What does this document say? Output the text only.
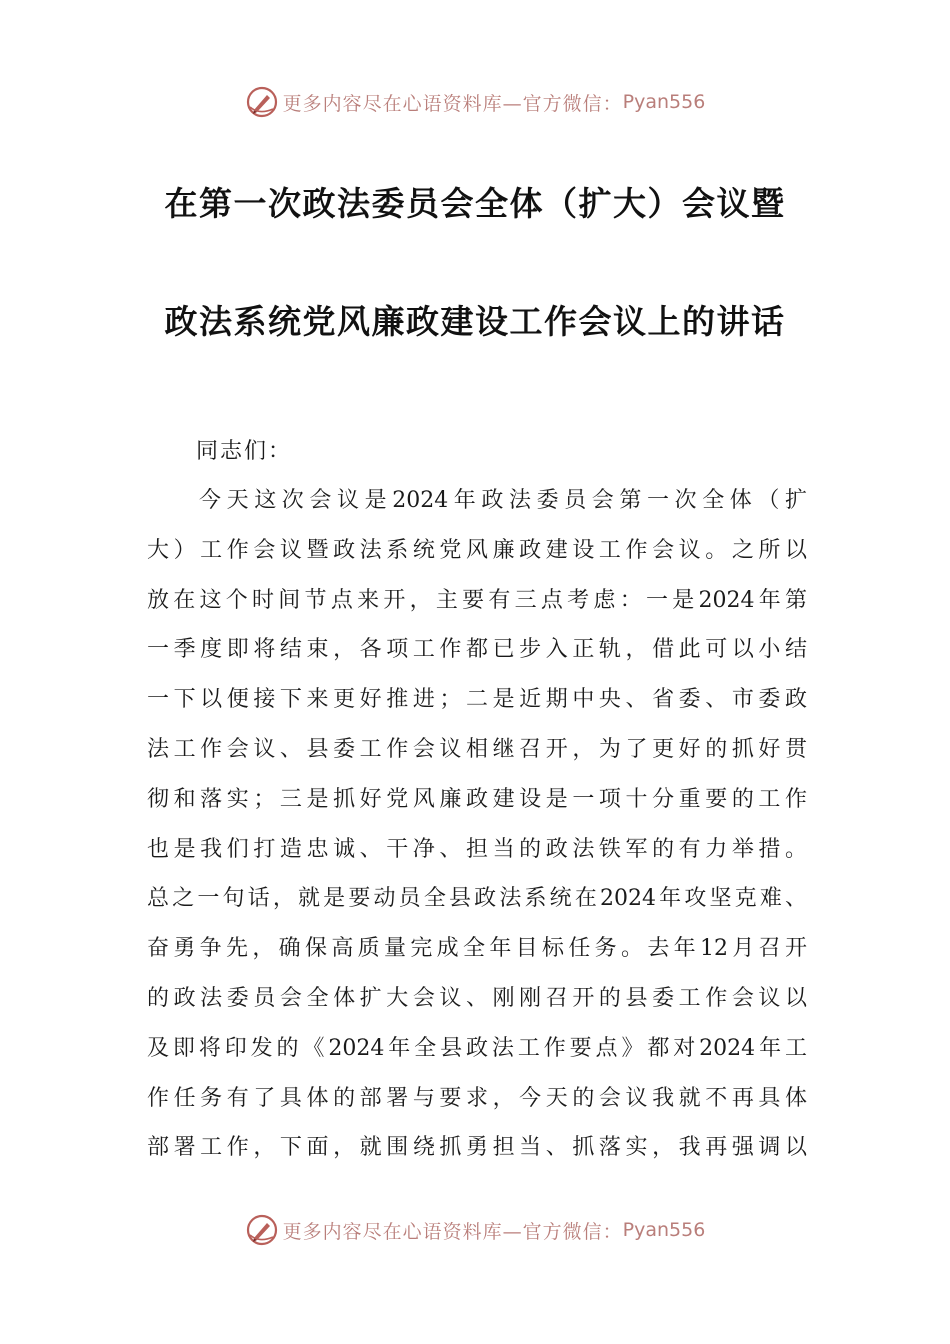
更多内容尽在心语资料库—官方微信： Pyan556
在第一次政法委员会全体（扩大）会议暨
政法系统党风廉政建设工作会议上的讲话
同志们：
今天这次会议是2024年政法委员会第一次全体（扩
大）工作会议暨政法系统党风廉政建设工作会议。之所以
放在这个时间节点来开，主要有三点考虑：一是2024年第
一季度即将结束，各项工作都已步入正轨，借此可以小结
一下以便接下来更好推进；二是近期中央、省委、市委政
法工作会议、县委工作会议相继召开，为了更好的抓好贯
彻和落实；三是抓好党风廉政建设是一项十分重要的工作
也是我们打造忠诚、干净、担当的政法铁军的有力举措。
总之一句话，就是要动员全县政法系统在2024年攻坚克难、
奋勇争先，确保高质量完成全年目标任务。去年12月召开
的政法委员会全体扩大会议、刚刚召开的县委工作会议以
及即将印发的《2024年全县政法工作要点》都对2024年工
作任务有了具体的部署与要求，今天的会议我就不再具体
部署工作，下面，就围绕抓勇担当、抓落实，我再强调以
更多内容尽在心语资料库—官方微信： Pyan556
